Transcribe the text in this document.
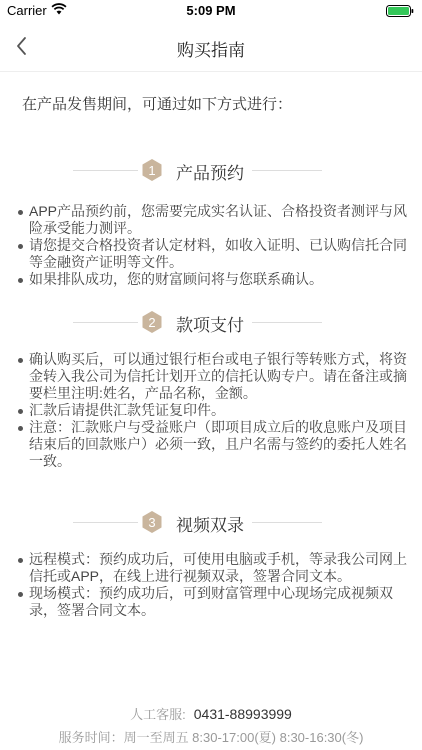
Carrier	5:09 PM
购买指南
在产品发售期间，可通过如下方式进行：
1 产品预约
APP产品预约前，您需要完成实名认证、合格投资者测评与风险承受能力测评。
请您提交合格投资者认定材料，如收入证明、已认购信托合同等金融资产证明等文件。
如果排队成功，您的财富顾问将与您联系确认。
2 款项支付
确认购买后，可以通过银行柜台或电子银行等转账方式，将资金转入我公司为信托计划开立的信托认购专户。请在备注或摘要栏里注明:姓名，产品名称，金额。
汇款后请提供汇款凭证复印件。
注意：汇款账户与受益账户（即项目成立后的收息账户及项目结束后的回款账户）必须一致，且户名需与签约的委托人姓名一致。
3 视频双录
远程模式：预约成功后，可使用电脑或手机，等录我公司网上信托或APP，在线上进行视频双录，签署合同文本。
现场模式：预约成功后，可到财富管理中心现场完成视频双录，签署合同文本。
人工客服: 0431-88993999
服务时间：周一至周五 8:30-17:00(夏) 8:30-16:30(冬)
